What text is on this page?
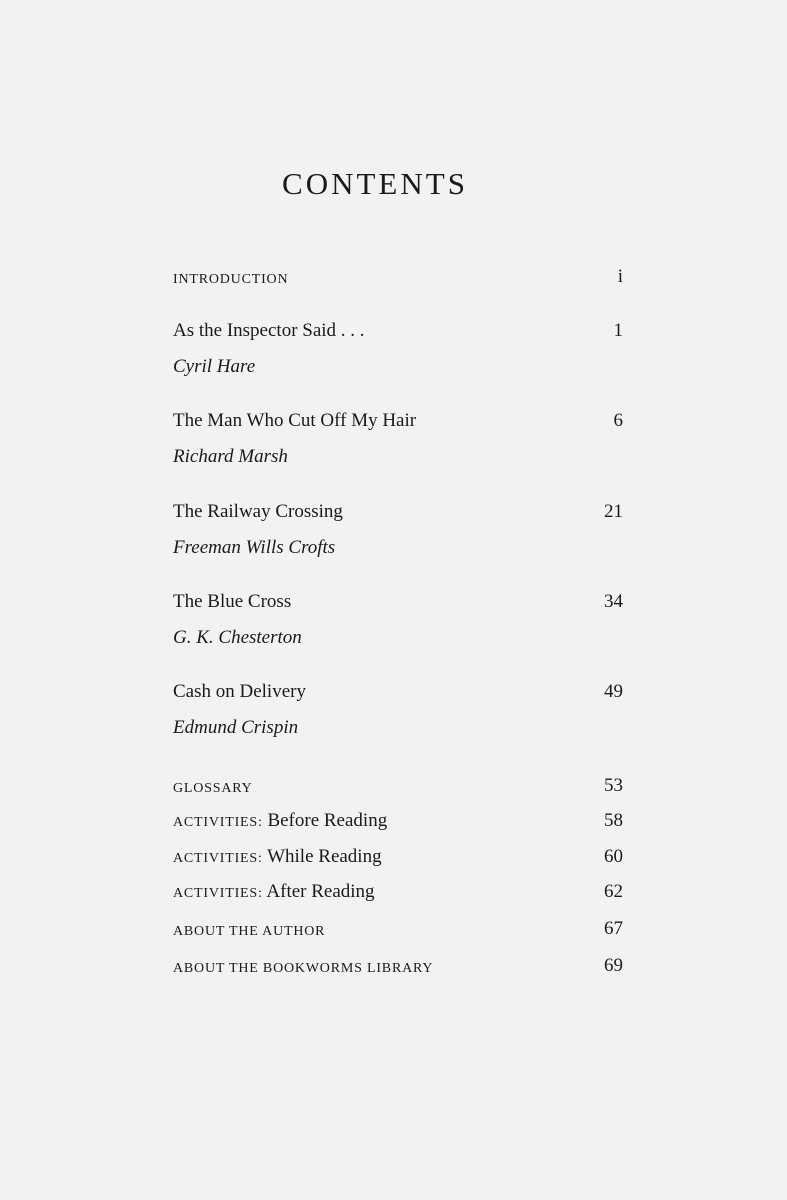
CONTENTS
INTRODUCTION	i
As the Inspector Said . . .	1
Cyril Hare
The Man Who Cut Off My Hair	6
Richard Marsh
The Railway Crossing	21
Freeman Wills Crofts
The Blue Cross	34
G. K. Chesterton
Cash on Delivery	49
Edmund Crispin
GLOSSARY	53
ACTIVITIES: Before Reading	58
ACTIVITIES: While Reading	60
ACTIVITIES: After Reading	62
ABOUT THE AUTHOR	67
ABOUT THE BOOKWORMS LIBRARY	69
